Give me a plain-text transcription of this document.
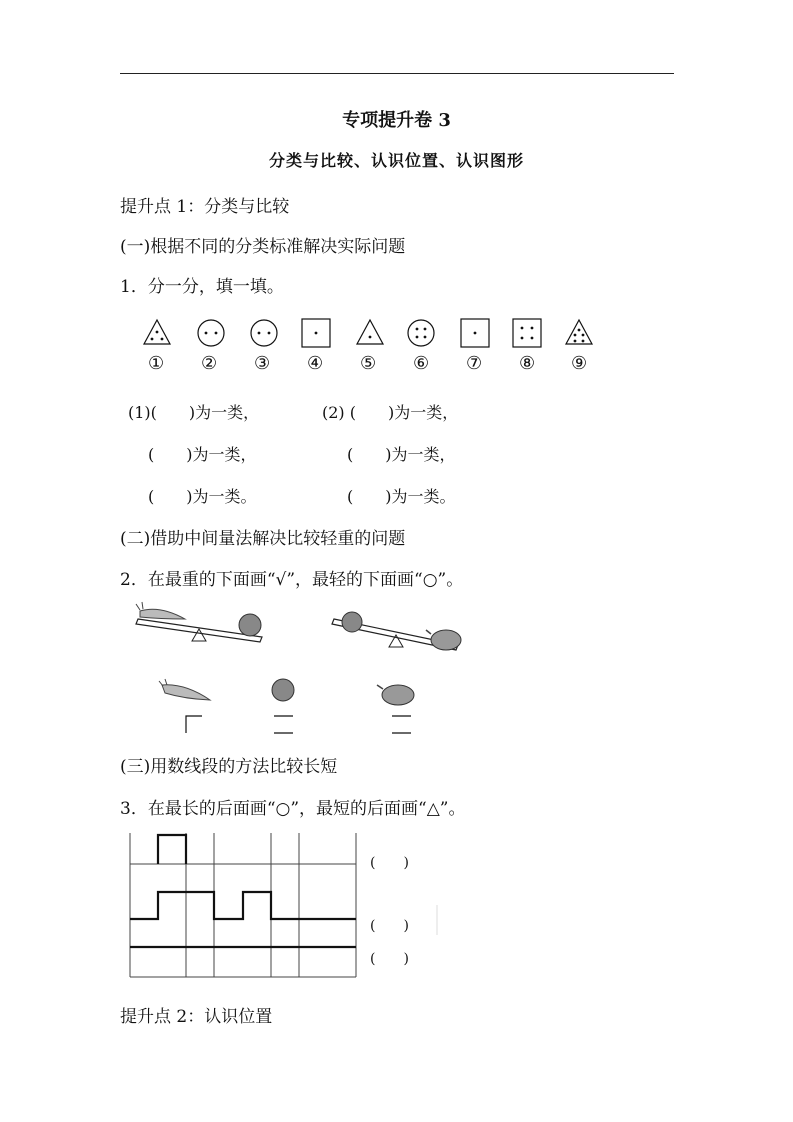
专项提升卷 3
分类与比较、认识位置、认识图形
提升点 1：分类与比较
(一)根据不同的分类标准解决实际问题
1．分一分，填一填。
① ② ③ ④ ⑤ ⑥ ⑦ ⑧ ⑨
(1)(　　)为一类，	(2) (　　)为一类，
(　　)为一类，	(　　)为一类，
(　　)为一类。	(　　)为一类。
(二)借助中间量法解决比较轻重的问题
2．在最重的下面画“√”，最轻的下面画“○”。
(三)用数线段的方法比较长短
3．在最长的后面画“○”，最短的后面画“△”。
(　　)
(　　)
(　　)
提升点 2：认识位置
